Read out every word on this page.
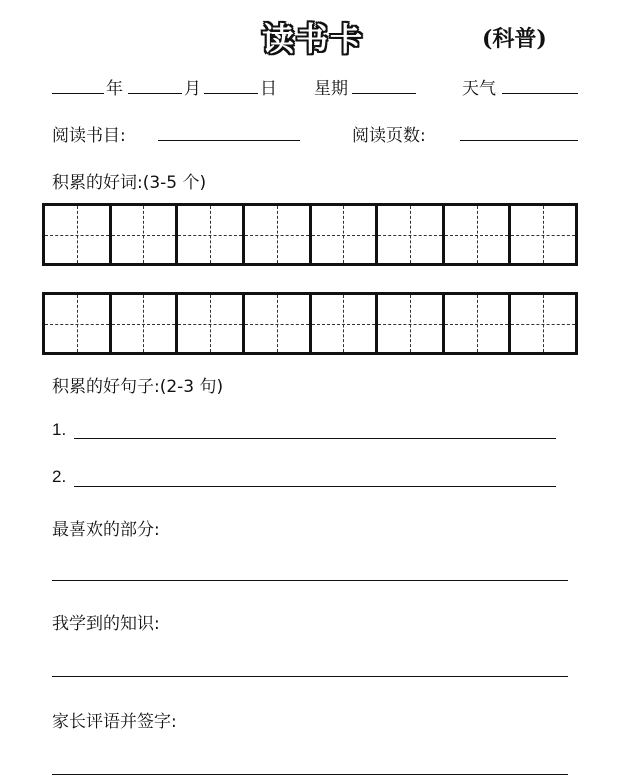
读书卡	(科普)
年	月	日 星期	天气
阅读书目:	阅读页数:
积累的好词:(3-5 个)
积累的好句子:(2-3 句)
1.
2.
最喜欢的部分:
我学到的知识:
家长评语并签字:
